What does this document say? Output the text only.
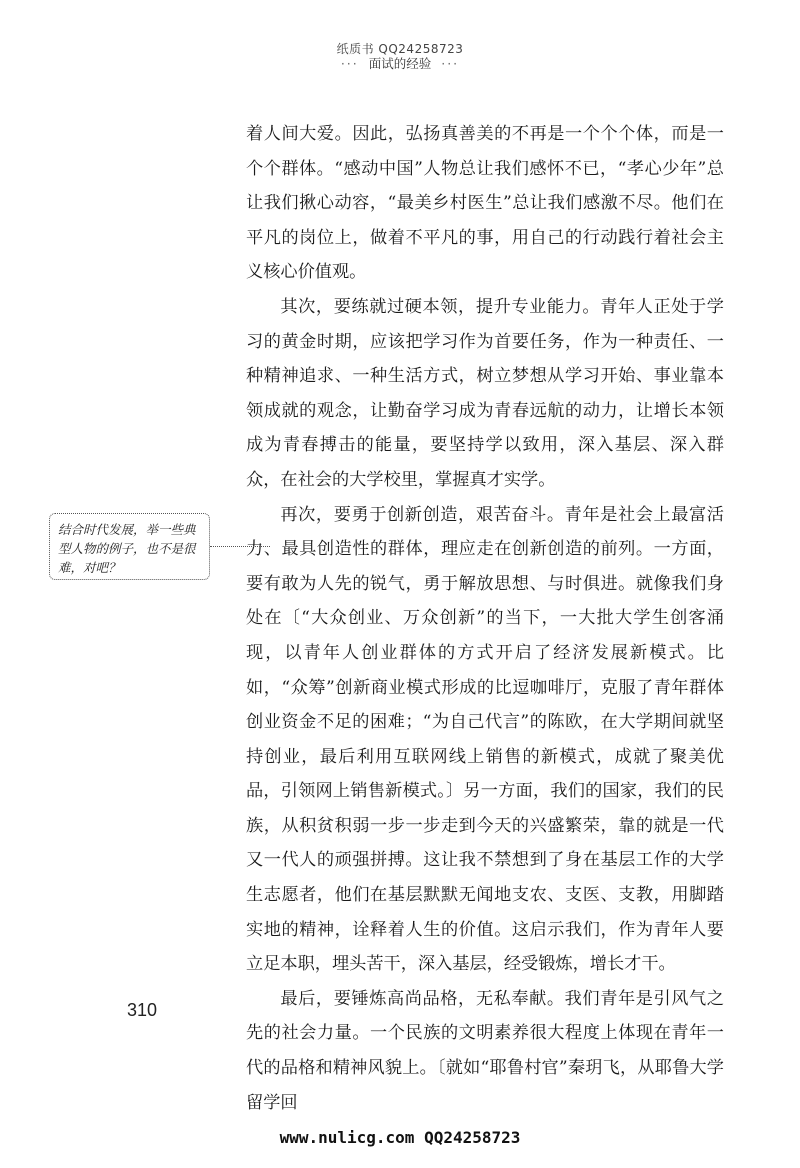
纸质书 QQ24258723
··· 面试的经验 ···

着人间大爱。因此，弘扬真善美的不再是一个个个体，而是一个个群体。“感动中国”人物总让我们感怀不已，“孝心少年”总让我们揪心动容，“最美乡村医生”总让我们感激不尽。他们在平凡的岗位上，做着不平凡的事，用自己的行动践行着社会主义核心价值观。

其次，要练就过硬本领，提升专业能力。青年人正处于学习的黄金时期，应该把学习作为首要任务，作为一种责任、一种精神追求、一种生活方式，树立梦想从学习开始、事业靠本领成就的观念，让勤奋学习成为青春远航的动力，让增长本领成为青春搏击的能量，要坚持学以致用，深入基层、深入群众，在社会的大学校里，掌握真才实学。

再次，要勇于创新创造，艰苦奋斗。青年是社会上最富活力、最具创造性的群体，理应走在创新创造的前列。一方面，要有敢为人先的锐气，勇于解放思想、与时俱进。就像我们身处在〔“大众创业、万众创新”的当下，一大批大学生创客涌现，以青年人创业群体的方式开启了经济发展新模式。比如，“众筹”创新商业模式形成的比逗咖啡厅，克服了青年群体创业资金不足的困难；“为自己代言”的陈欧，在大学期间就坚持创业，最后利用互联网线上销售的新模式，成就了聚美优品，引领网上销售新模式。〕另一方面，我们的国家，我们的民族，从积贫积弱一步一步走到今天的兴盛繁荣，靠的就是一代又一代人的顽强拼搏。这让我不禁想到了身在基层工作的大学生志愿者，他们在基层默默无闻地支农、支医、支教，用脚踏实地的精神，诠释着人生的价值。这启示我们，作为青年人要立足本职，埋头苦干，深入基层，经受锻炼，增长才干。

最后，要锤炼高尚品格，无私奉献。我们青年是引风气之先的社会力量。一个民族的文明素养很大程度上体现在青年一代的品格和精神风貌上。〔就如“耶鲁村官”秦玥飞，从耶鲁大学留学回

结合时代发展，举一些典型人物的例子，也不是很难，对吧？
310
www.nulicg.com QQ24258723
